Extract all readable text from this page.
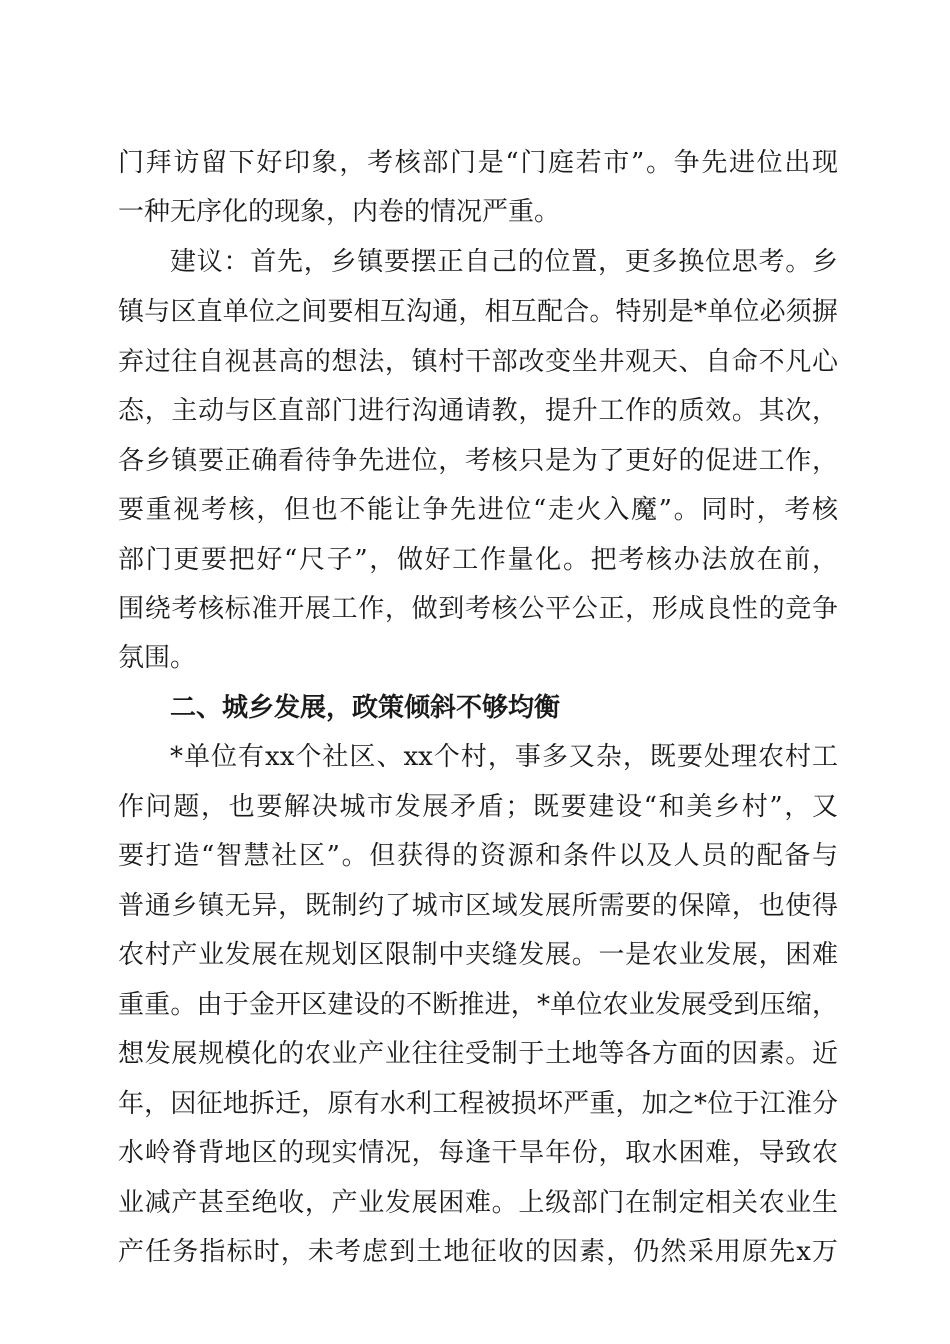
门拜访留下好印象，考核部门是“门庭若市”。争先进位出现
一种无序化的现象，内卷的情况严重。
建议：首先，乡镇要摆正自己的位置，更多换位思考。乡
镇与区直单位之间要相互沟通，相互配合。特别是*单位必须摒
弃过往自视甚高的想法，镇村干部改变坐井观天、自命不凡心
态，主动与区直部门进行沟通请教，提升工作的质效。其次，
各乡镇要正确看待争先进位，考核只是为了更好的促进工作，
要重视考核，但也不能让争先进位“走火入魔”。同时，考核
部门更要把好“尺子”，做好工作量化。把考核办法放在前，
围绕考核标准开展工作，做到考核公平公正，形成良性的竞争
氛围。
二、城乡发展，政策倾斜不够均衡
*单位有xx个社区、xx个村，事多又杂，既要处理农村工
作问题，也要解决城市发展矛盾；既要建设“和美乡村”，又
要打造“智慧社区”。但获得的资源和条件以及人员的配备与
普通乡镇无异，既制约了城市区域发展所需要的保障，也使得
农村产业发展在规划区限制中夹缝发展。一是农业发展，困难
重重。由于金开区建设的不断推进，*单位农业发展受到压缩，
想发展规模化的农业产业往往受制于土地等各方面的因素。近
年，因征地拆迁，原有水利工程被损坏严重，加之*位于江淮分
水岭脊背地区的现实情况，每逢干旱年份，取水困难，导致农
业减产甚至绝收，产业发展困难。上级部门在制定相关农业生
产任务指标时，未考虑到土地征收的因素，仍然采用原先x万
